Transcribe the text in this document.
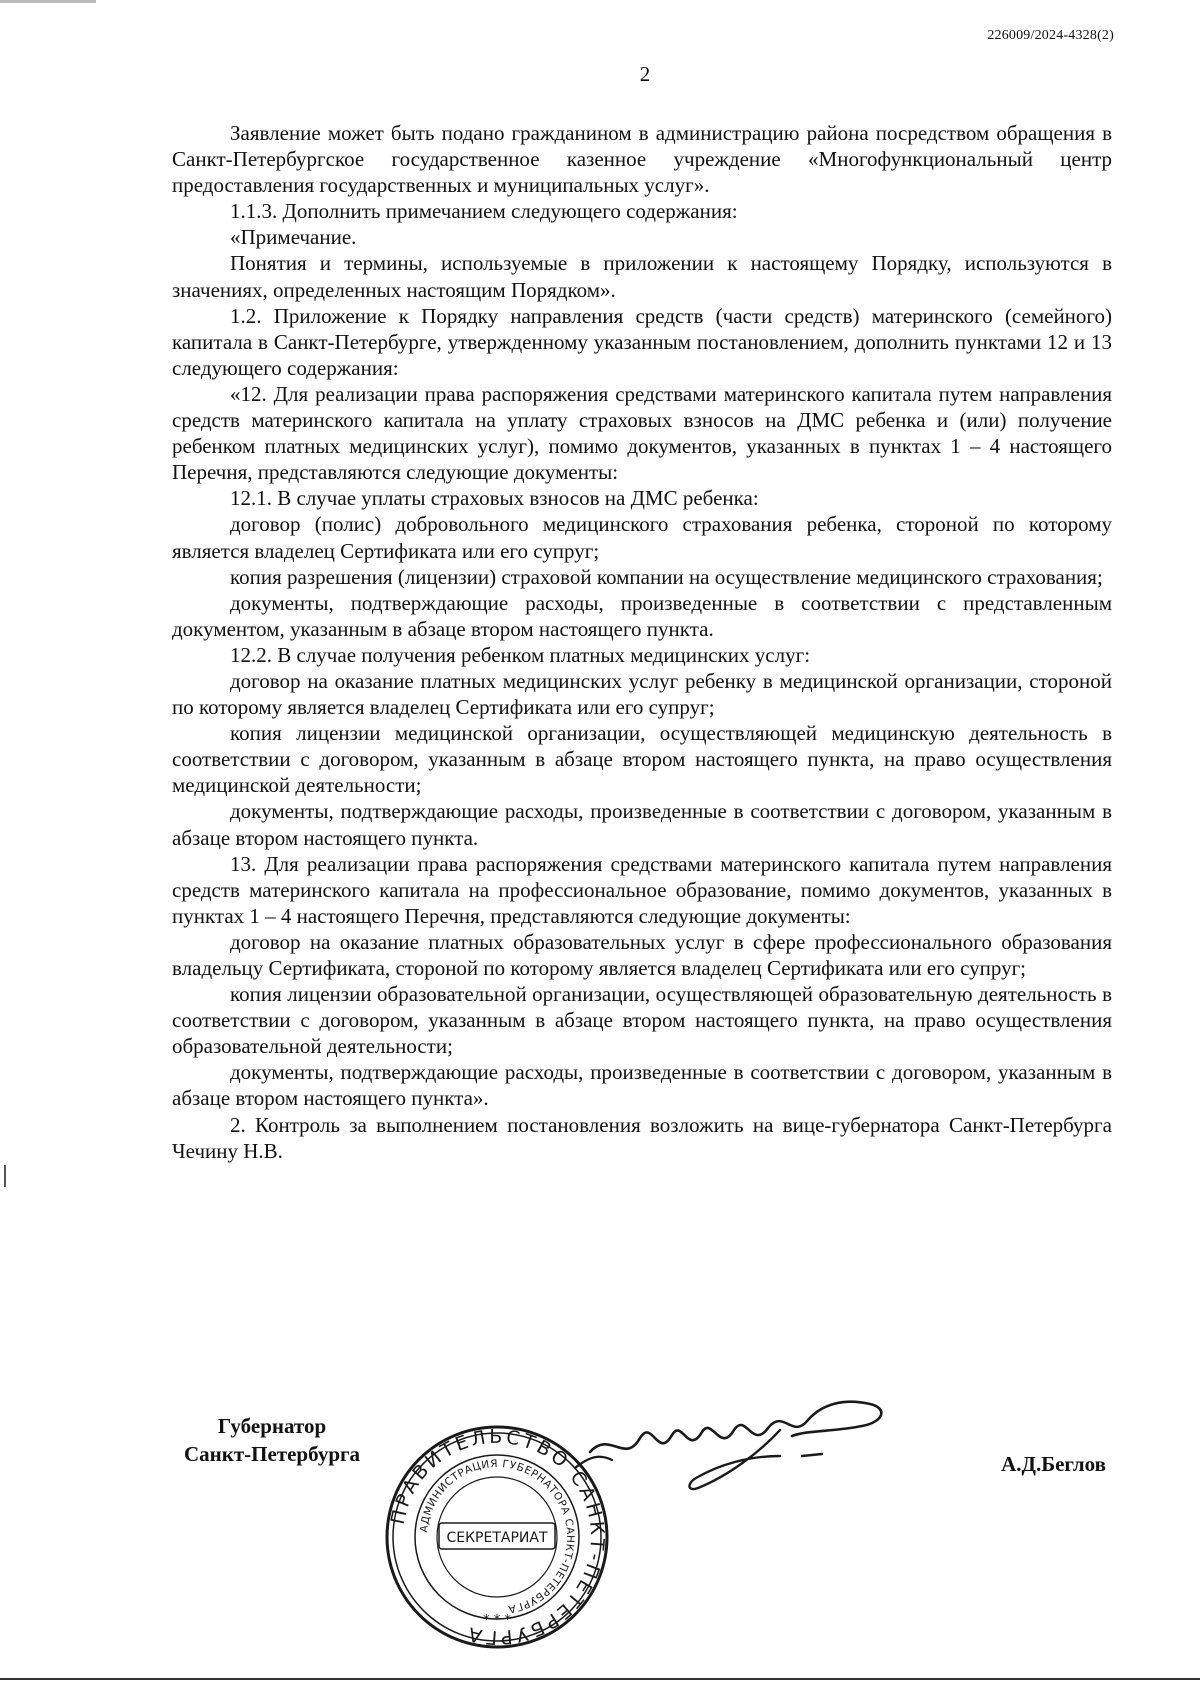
226009/2024-4328(2)
2

Заявление может быть подано гражданином в администрацию района посредством обращения в Санкт-Петербургское государственное казенное учреждение «Многофункциональный центр предоставления государственных и муниципальных услуг».

1.1.3. Дополнить примечанием следующего содержания:

«Примечание.

Понятия и термины, используемые в приложении к настоящему Порядку, используются в значениях, определенных настоящим Порядком».

1.2. Приложение к Порядку направления средств (части средств) материнского (семейного) капитала в Санкт-Петербурге, утвержденному указанным постановлением, дополнить пунктами 12 и 13 следующего содержания:

«12. Для реализации права распоряжения средствами материнского капитала путем направления средств материнского капитала на уплату страховых взносов на ДМС ребенка и (или) получение ребенком платных медицинских услуг), помимо документов, указанных в пунктах 1 – 4 настоящего Перечня, представляются следующие документы:

12.1. В случае уплаты страховых взносов на ДМС ребенка:

договор (полис) добровольного медицинского страхования ребенка, стороной по которому является владелец Сертификата или его супруг;

копия разрешения (лицензии) страховой компании на осуществление медицинского страхования;

документы, подтверждающие расходы, произведенные в соответствии с представленным документом, указанным в абзаце втором настоящего пункта.

12.2. В случае получения ребенком платных медицинских услуг:

договор на оказание платных медицинских услуг ребенку в медицинской организации, стороной по которому является владелец Сертификата или его супруг;

копия лицензии медицинской организации, осуществляющей медицинскую деятельность в соответствии с договором, указанным в абзаце втором настоящего пункта, на право осуществления медицинской деятельности;

документы, подтверждающие расходы, произведенные в соответствии с договором, указанным в абзаце втором настоящего пункта.

13. Для реализации права распоряжения средствами материнского капитала путем направления средств материнского капитала на профессиональное образование, помимо документов, указанных в пунктах 1 – 4 настоящего Перечня, представляются следующие документы:

договор на оказание платных образовательных услуг в сфере профессионального образования владельцу Сертификата, стороной по которому является владелец Сертификата или его супруг;

копия лицензии образовательной организации, осуществляющей образовательную деятельность в соответствии с договором, указанным в абзаце втором настоящего пункта, на право осуществления образовательной деятельности;

документы, подтверждающие расходы, произведенные в соответствии с договором, указанным в абзаце втором настоящего пункта».

2. Контроль за выполнением постановления возложить на вице-губернатора Санкт-Петербурга Чечину Н.В.

Губернатор
Санкт-Петербурга
ПРАВИТЕЛЬСТВО САНКТ-ПЕТЕРБУРГА
АДМИНИСТРАЦИЯ ГУБЕРНАТОРА САНКТ-ПЕТЕРБУРГА
СЕКРЕТАРИАТ
* * *
А.Д.Беглов
